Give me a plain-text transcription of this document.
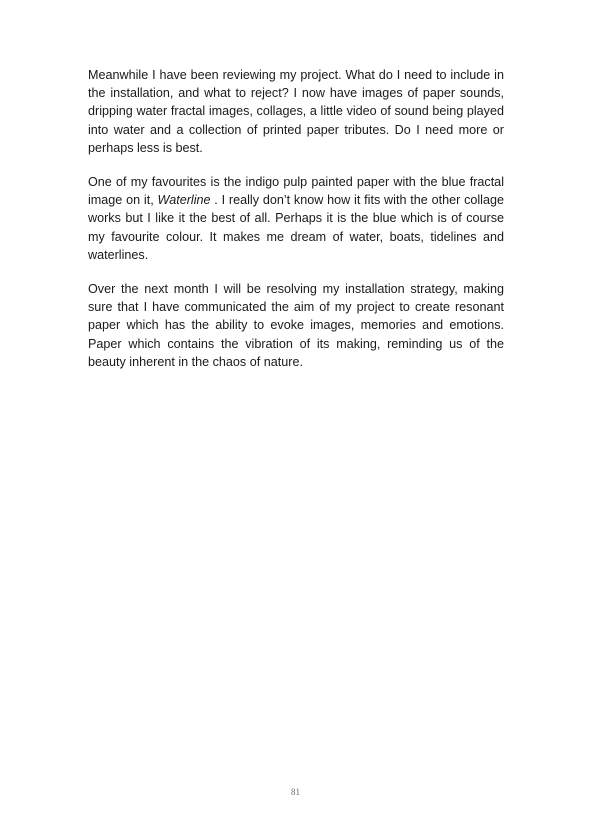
Meanwhile I have been reviewing my project. What do I need to include in the installation, and what to reject? I now have images of paper sounds, dripping water fractal images, collages, a little video of sound being played into water and a collection of printed paper tributes. Do I need more or perhaps less is best.

One of my favourites is the indigo pulp painted paper with the blue fractal image on it, Waterline . I really don’t know how it fits with the other collage works but I like it the best of all. Perhaps it is the blue which is of course my favourite colour. It makes me dream of water, boats, tidelines and waterlines.

Over the next month I will be resolving my installation strategy, making sure that I have communicated the aim of my project to create resonant paper which has the ability to evoke images, memories and emotions. Paper which contains the vibration of its making, reminding us of the beauty inherent in the chaos of nature.

81
